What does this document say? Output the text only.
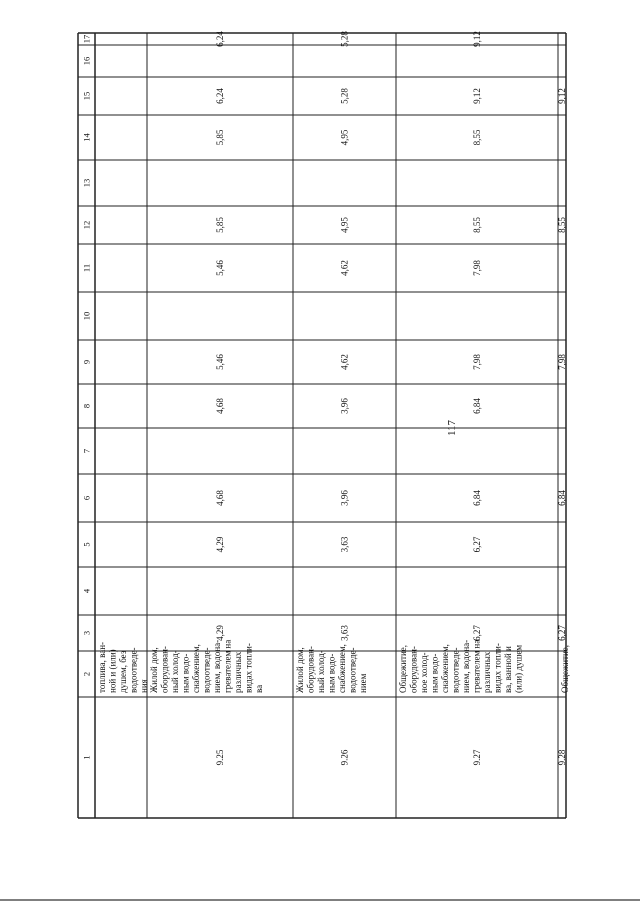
1
2
3
4
5
6
7
8
9
10
11
12
13
14
15
16
17
топлива, ван- ной и (или) душем, без водоотведе- ния
9.25
Жилой дом, оборудован- ный холод- ным водо- снабжением, водоотведе- нием, водона- гревателем на различных видах топли- ва
4,29
4,29
4,68
4,68
5,46
5,46
5,85
5,85
6,24
6,24
9.26
Жилой дом, оборудован- ный холод- ным водо- снабжением, водоотведе- нием
3,63
3,63
3,96
3,96
4,62
4,62
4,95
4,95
5,28
5,28
9.27
Общежитие, оборудован- ное холод- ным водо- снабжением, водоотведе- нием, водона- гревателем на различных видах топли- ва, ванной и (или) душем
6,27
6,27
6,84
6,84
7,98
7,98
8,55
8,55
9,12
9,12
9.28
Общежитие,
6,27
6,84
7,98
8,55
9,12
117
